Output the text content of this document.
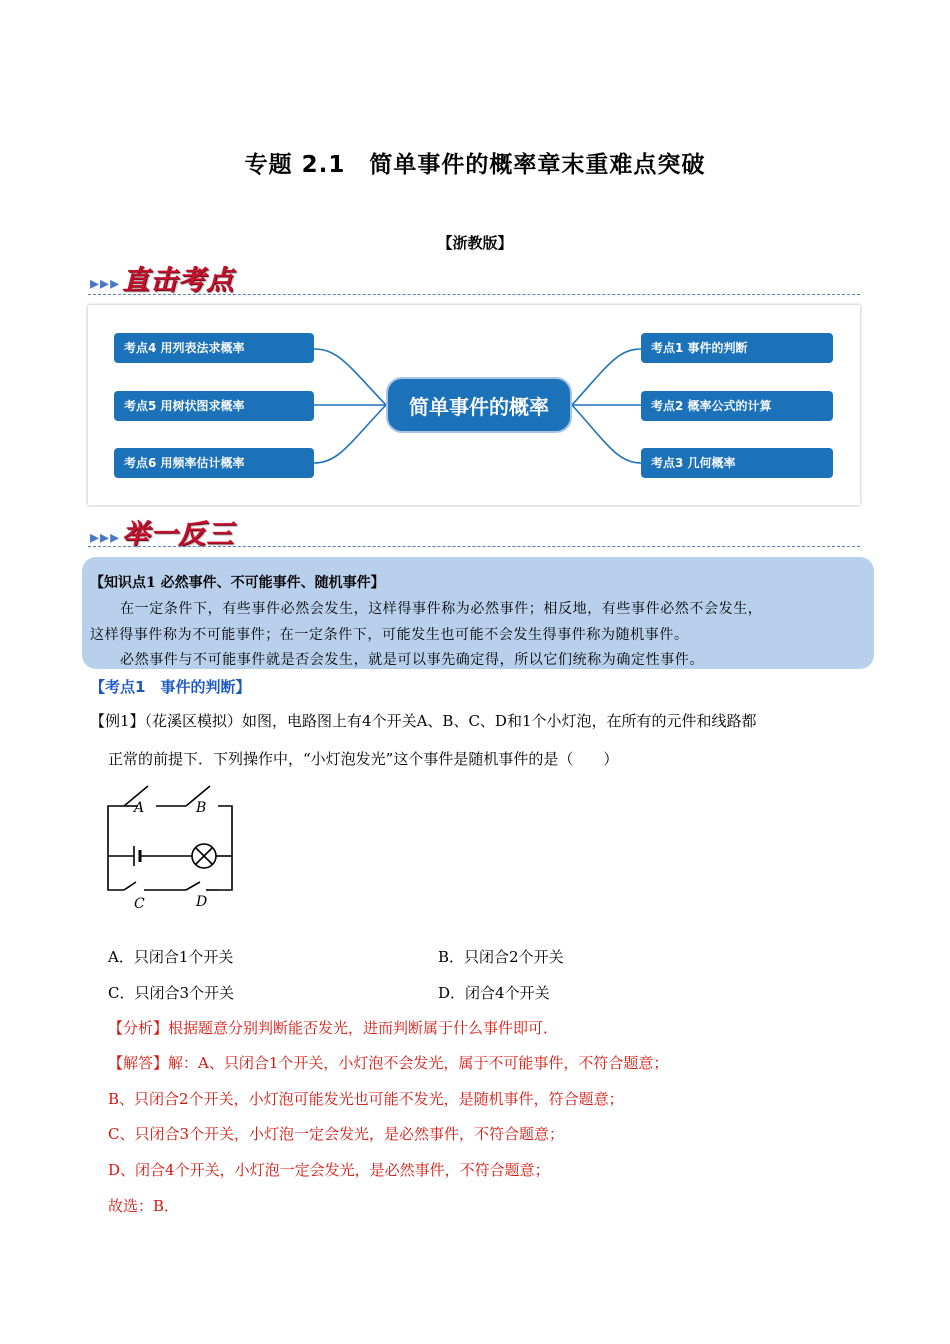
专题 2.1　简单事件的概率章末重难点突破
【浙教版】
▸▸▸直击考点
考点4 用列表法求概率
考点5 用树状图求概率
考点6 用频率估计概率
简单事件的概率
考点1 事件的判断
考点2 概率公式的计算
考点3 几何概率
▸▸▸举一反三
【知识点1 必然事件、不可能事件、随机事件】
在一定条件下，有些事件必然会发生，这样得事件称为必然事件；相反地，有些事件必然不会发生，
这样得事件称为不可能事件；在一定条件下，可能发生也可能不会发生得事件称为随机事件。
必然事件与不可能事件就是否会发生，就是可以事先确定得，所以它们统称为确定性事件。
【考点1　事件的判断】
【例1】（花溪区模拟）如图，电路图上有4个开关A、B、C、D和1个小灯泡，在所有的元件和线路都
正常的前提下．下列操作中，“小灯泡发光”这个事件是随机事件的是（　　）
A	B
C	D
A．只闭合1个开关	B．只闭合2个开关
C．只闭合3个开关	D．闭合4个开关
【分析】根据题意分别判断能否发光，进而判断属于什么事件即可．
【解答】解：A、只闭合1个开关，小灯泡不会发光，属于不可能事件，不符合题意；
B、只闭合2个开关，小灯泡可能发光也可能不发光，是随机事件，符合题意；
C、只闭合3个开关，小灯泡一定会发光，是必然事件，不符合题意；
D、闭合4个开关，小灯泡一定会发光，是必然事件，不符合题意；
故选：B．
